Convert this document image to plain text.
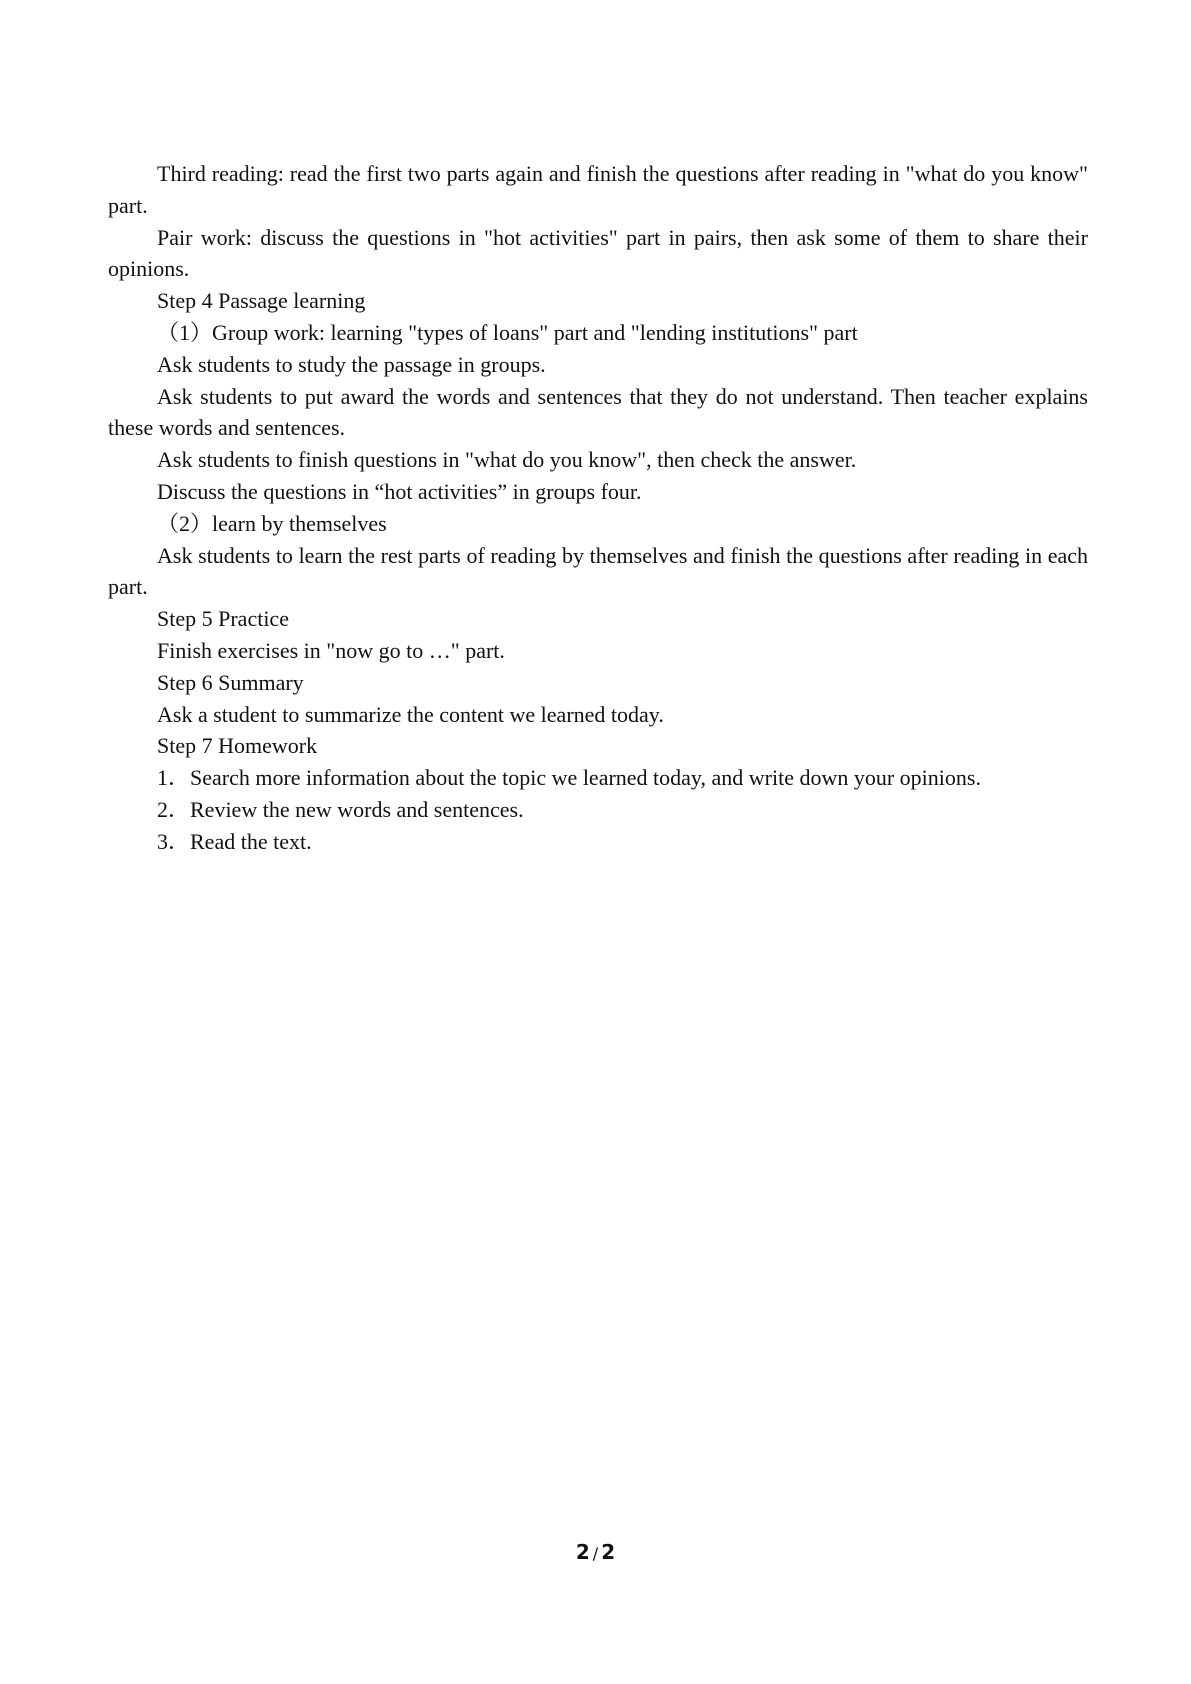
Third reading: read the first two parts again and finish the questions after reading in "what do you know" part.

Pair work: discuss the questions in "hot activities" part in pairs, then ask some of them to share their opinions.

Step 4 Passage learning

（1）Group work: learning "types of loans" part and "lending institutions" part

Ask students to study the passage in groups.

Ask students to put award the words and sentences that they do not understand. Then teacher explains these words and sentences.

Ask students to finish questions in "what do you know", then check the answer.

Discuss the questions in “hot activities” in groups four.

（2）learn by themselves

Ask students to learn the rest parts of reading by themselves and finish the questions after reading in each part.

Step 5 Practice

Finish exercises in "now go to …" part.

Step 6 Summary

Ask a student to summarize the content we learned today.

Step 7 Homework

1．Search more information about the topic we learned today, and write down your opinions.

2．Review the new words and sentences.

3．Read the text.

2 / 2
